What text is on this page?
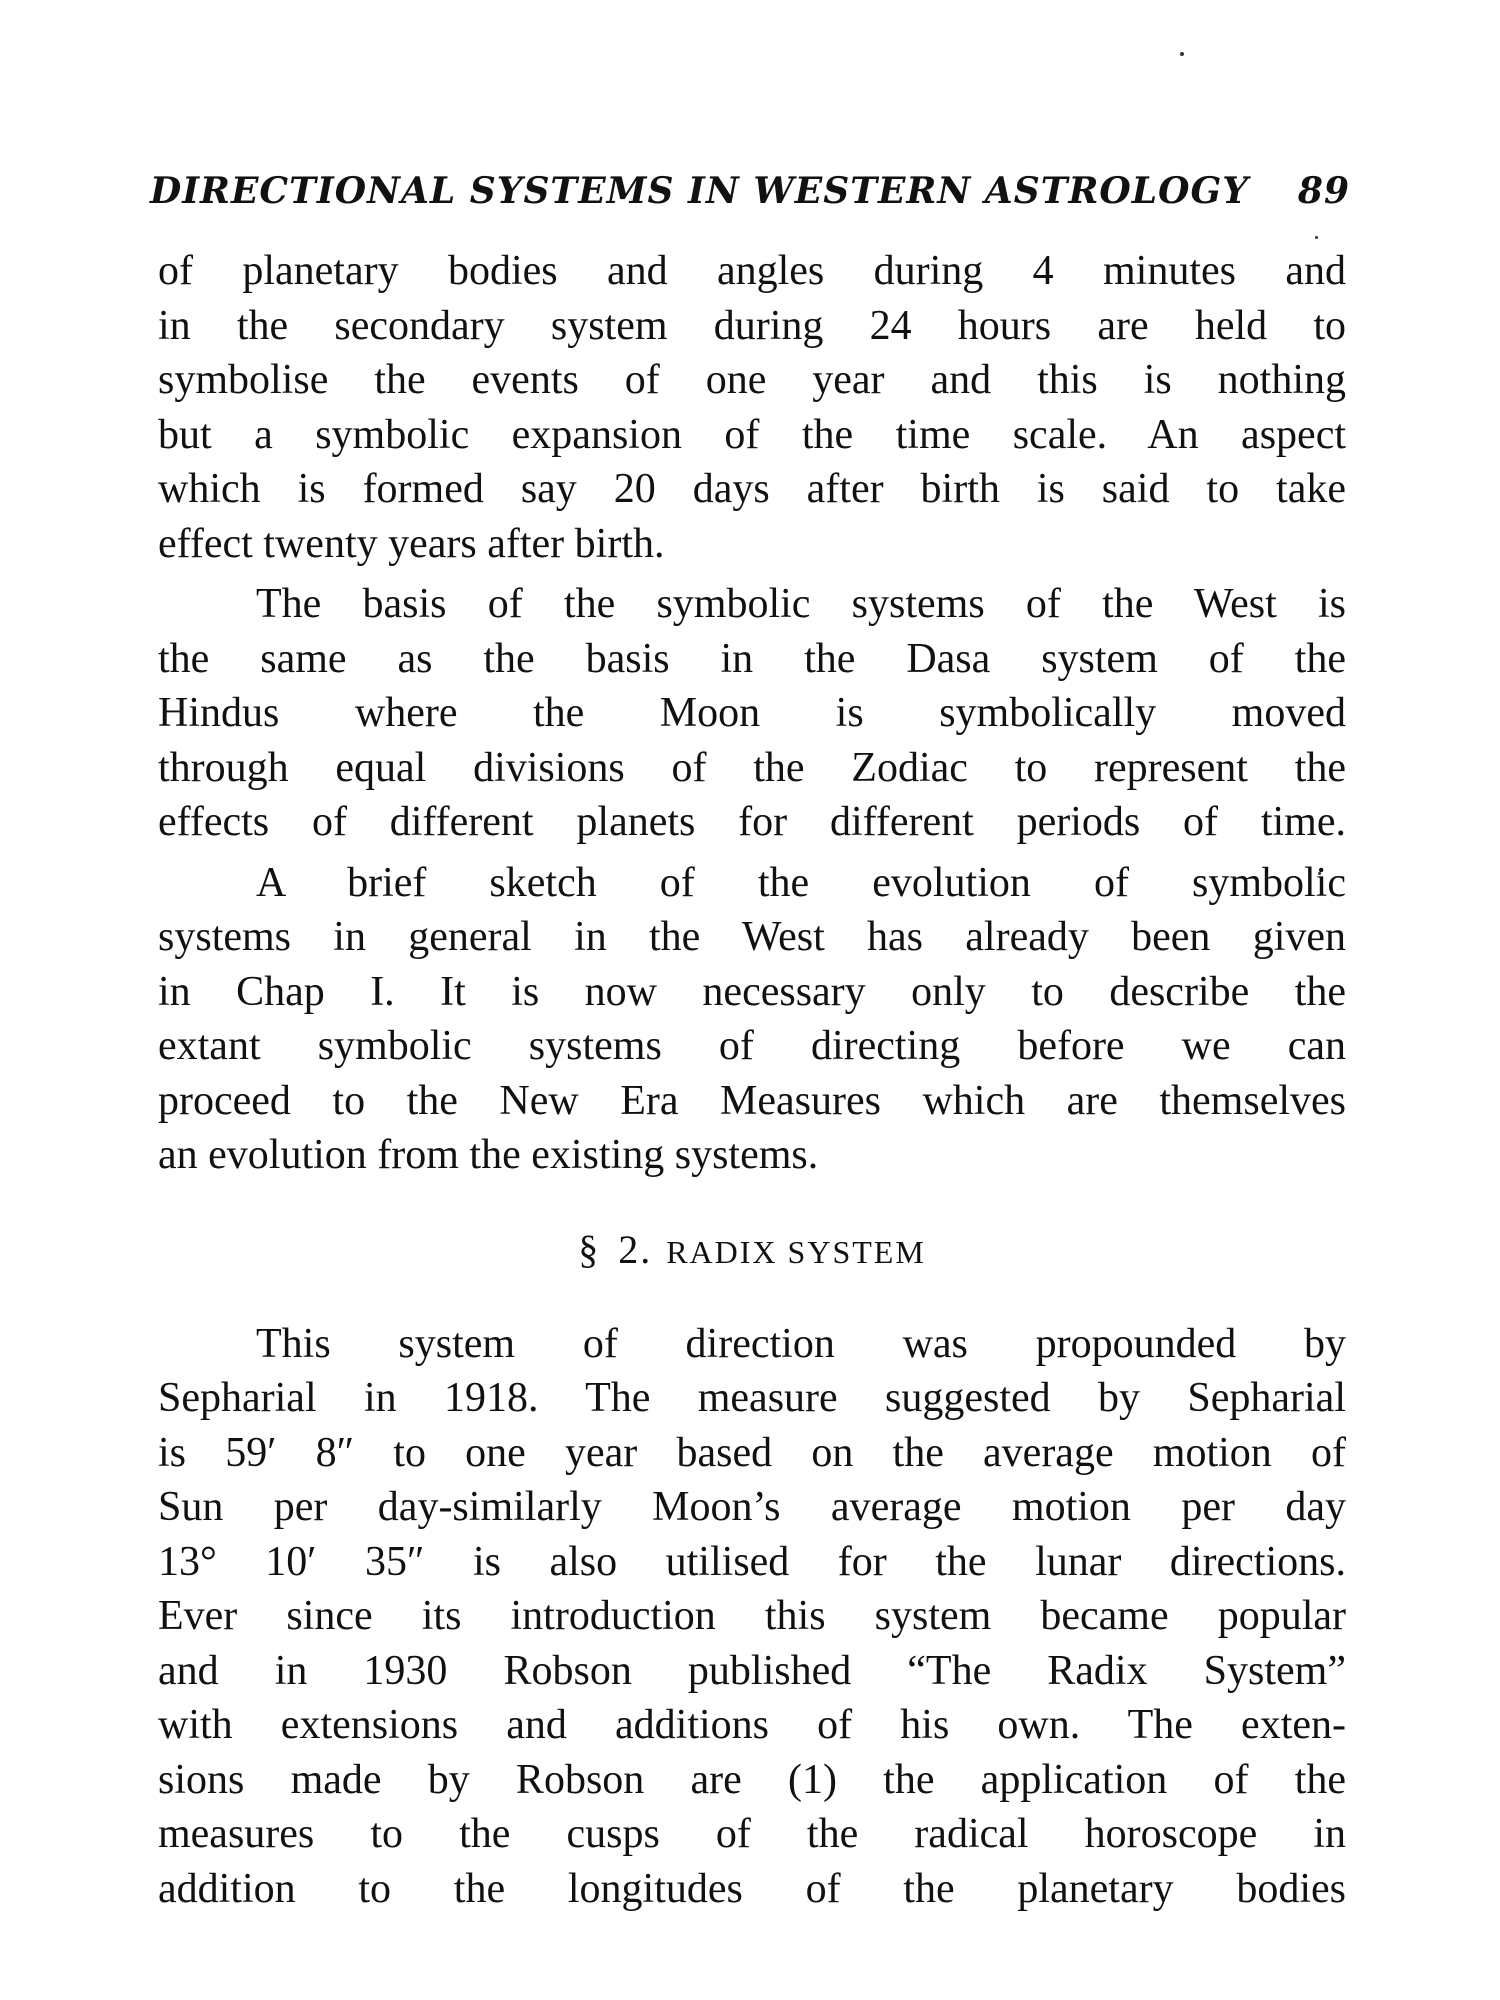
DIRECTIONAL SYSTEMS IN WESTERN ASTROLOGY 89
of planetary bodies and angles during 4 minutes and
in the secondary system during 24 hours are held to
symbolise the events of one year and this is nothing
but a symbolic expansion of the time scale. An aspect
which is formed say 20 days after birth is said to take
effect twenty years after birth.
The basis of the symbolic systems of the West is
the same as the basis in the Dasa system of the
Hindus where the Moon is symbolically moved
through equal divisions of the Zodiac to represent the
effects of different planets for different periods of time.
A brief sketch of the evolution of symbolic
systems in general in the West has already been given
in Chap I. It is now necessary only to describe the
extant symbolic systems of directing before we can
proceed to the New Era Measures which are themselves
an evolution from the existing systems.
§ 2. RADIX SYSTEM
This system of direction was propounded by
Sepharial in 1918. The measure suggested by Sepharial
is 59′ 8″ to one year based on the average motion of
Sun per day-similarly Moon’s average motion per day
13° 10′ 35″ is also utilised for the lunar directions.
Ever since its introduction this system became popular
and in 1930 Robson published “The Radix System”
with extensions and additions of his own. The exten-
sions made by Robson are (1) the application of the
measures to the cusps of the radical horoscope in
addition to the longitudes of the planetary bodies
